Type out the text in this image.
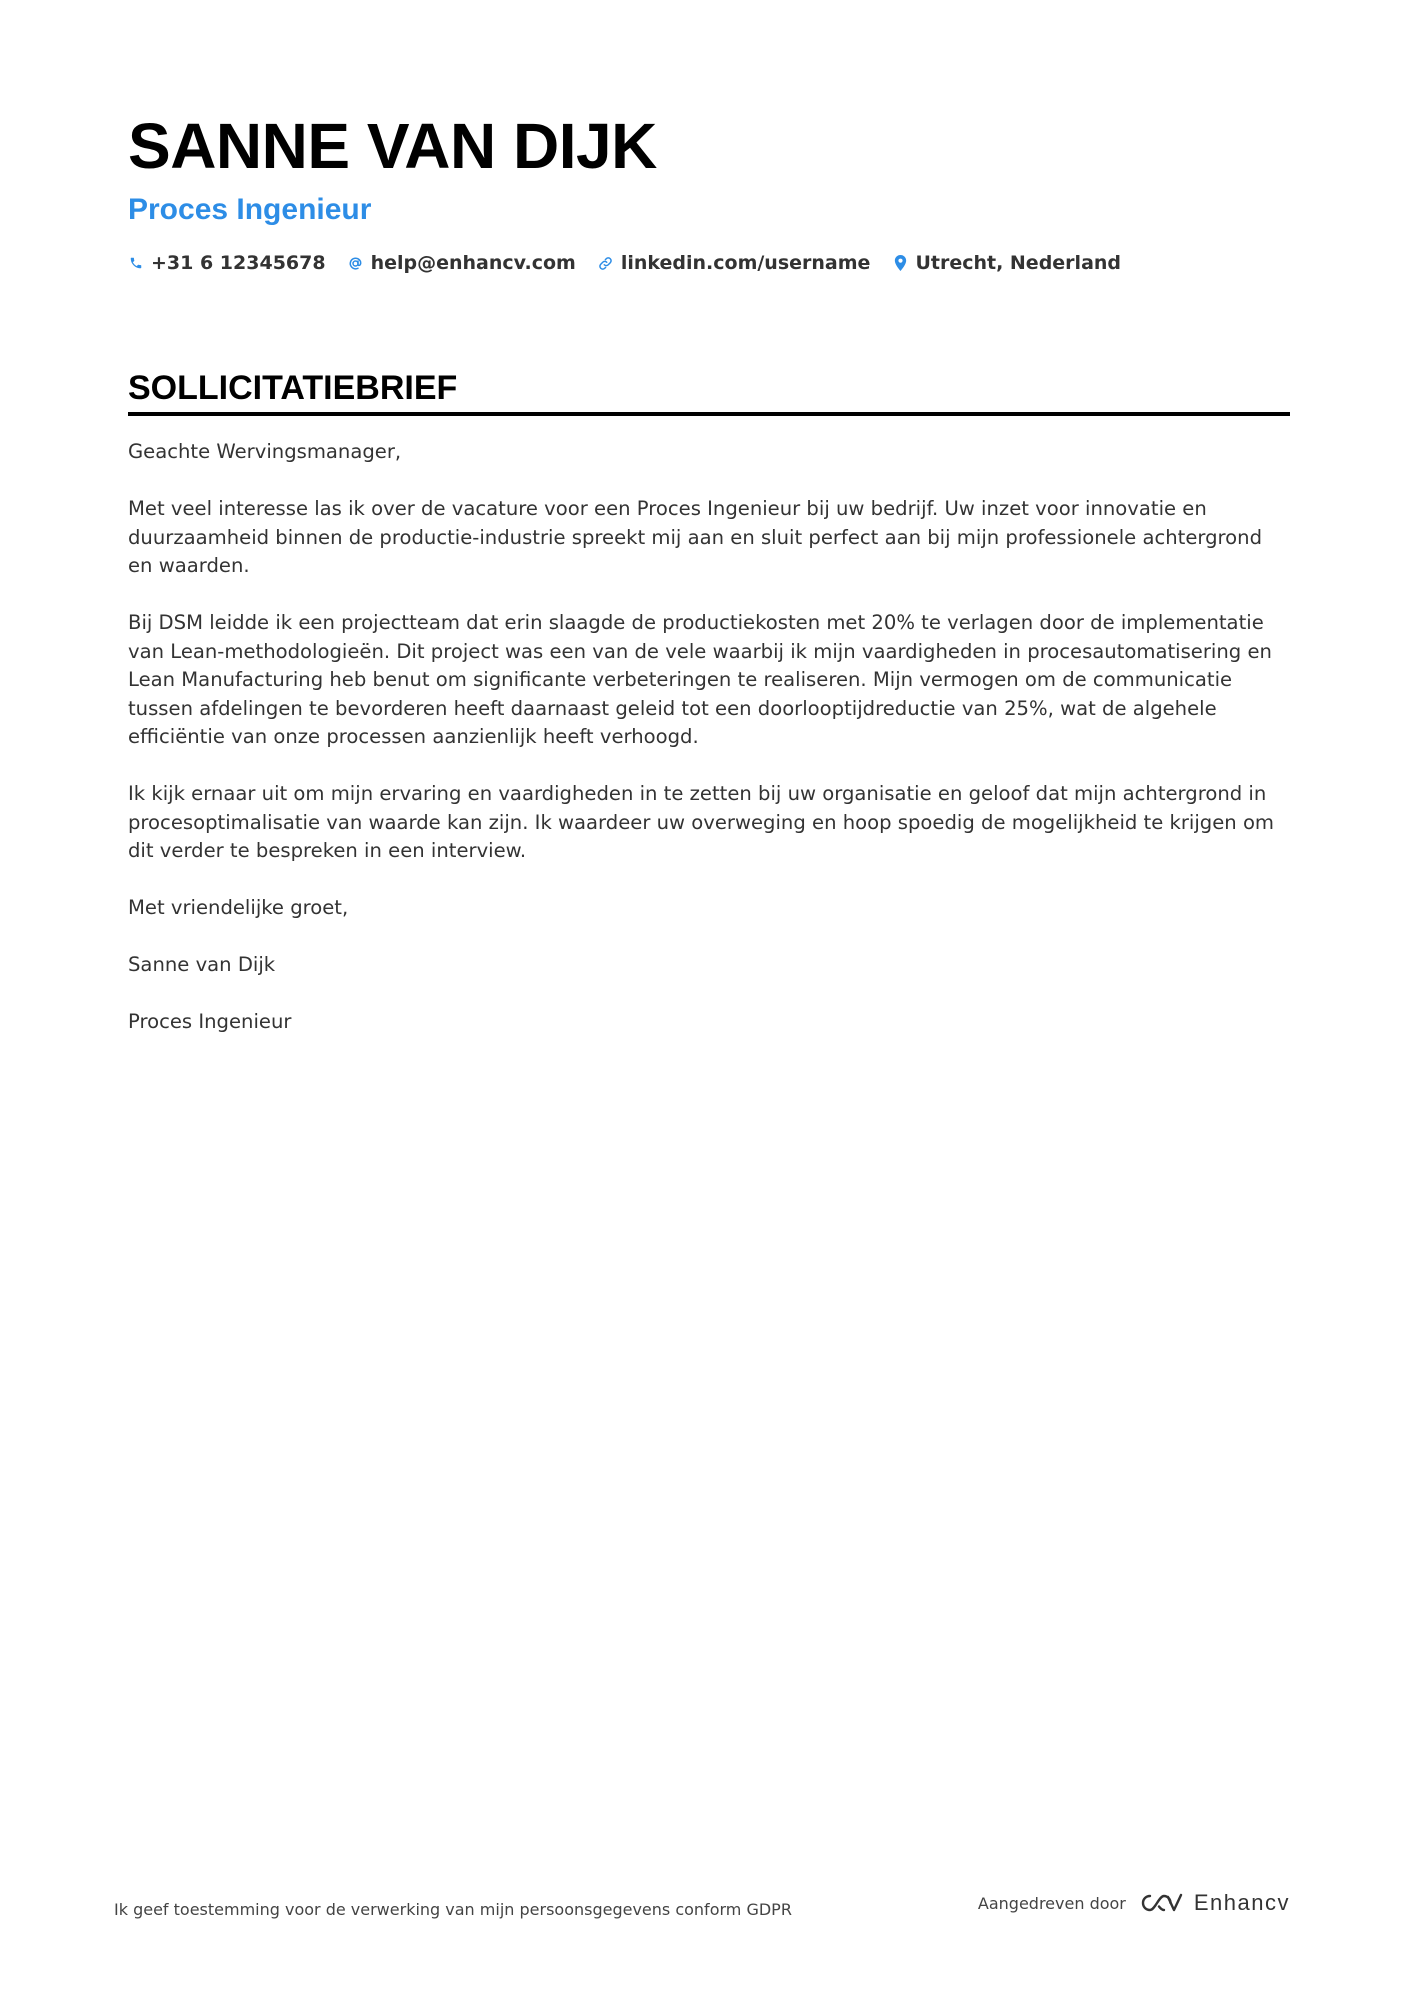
SANNE VAN DIJK
Proces Ingenieur
+31 6 12345678 help@enhancv.com linkedin.com/username Utrecht, Nederland
SOLLICITATIEBRIEF

Geachte Wervingsmanager,

Met veel interesse las ik over de vacature voor een Proces Ingenieur bij uw bedrijf. Uw inzet voor innovatie en duurzaamheid binnen de productie-industrie spreekt mij aan en sluit perfect aan bij mijn professionele achtergrond en waarden.

Bij DSM leidde ik een projectteam dat erin slaagde de productiekosten met 20% te verlagen door de implementatie van Lean-methodologieën. Dit project was een van de vele waarbij ik mijn vaardigheden in procesautomatisering en Lean Manufacturing heb benut om significante verbeteringen te realiseren. Mijn vermogen om de communicatie tussen afdelingen te bevorderen heeft daarnaast geleid tot een doorlooptijdreductie van 25%, wat de algehele efficiëntie van onze processen aanzienlijk heeft verhoogd.

Ik kijk ernaar uit om mijn ervaring en vaardigheden in te zetten bij uw organisatie en geloof dat mijn achtergrond in procesoptimalisatie van waarde kan zijn. Ik waardeer uw overweging en hoop spoedig de mogelijkheid te krijgen om dit verder te bespreken in een interview.

Met vriendelijke groet,

Sanne van Dijk

Proces Ingenieur

Ik geef toestemming voor de verwerking van mijn persoonsgegevens conform GDPR	Aangedreven door	Enhancv
